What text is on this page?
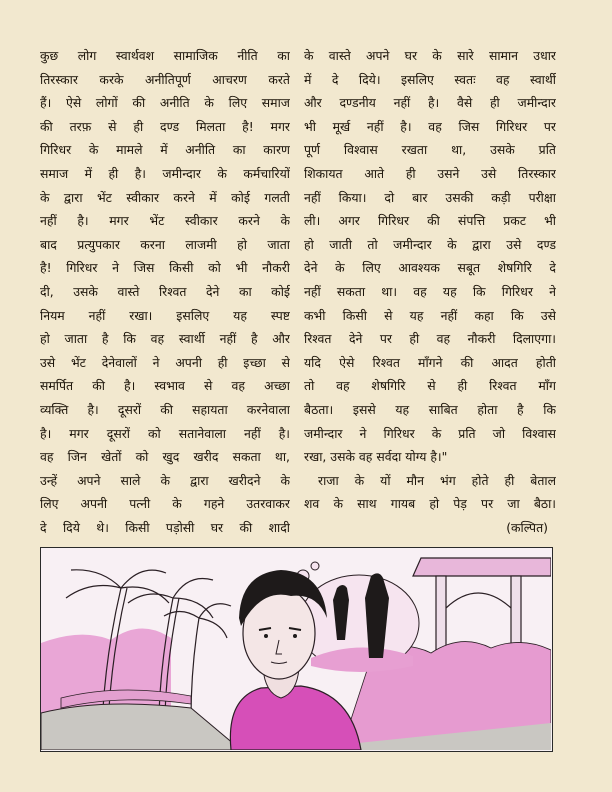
कुछ लोग स्वार्थवश सामाजिक नीति का
तिरस्कार करके अनीतिपूर्ण आचरण करते
हैं। ऐसे लोगों की अनीति के लिए समाज
की तरफ़ से ही दण्ड मिलता है! मगर
गिरिधर के मामले में अनीति का कारण
समाज में ही है। जमीन्दार के कर्मचारियों
के द्वारा भेंट स्वीकार करने में कोई गलती
नहीं है। मगर भेंट स्वीकार करने के
बाद प्रत्युपकार करना लाजमी हो जाता
है! गिरिधर ने जिस किसी को भी नौकरी
दी, उसके वास्ते रिश्वत देने का कोई
नियम नहीं रखा। इसलिए यह स्पष्ट
हो जाता है कि वह स्वार्थी नहीं है और
उसे भेंट देनेवालों ने अपनी ही इच्छा से
समर्पित की है। स्वभाव से वह अच्छा
व्यक्ति है। दूसरों की सहायता करनेवाला
है। मगर दूसरों को सतानेवाला नहीं है।
वह जिन खेतों को खुद खरीद सकता था,
उन्हें अपने साले के द्वारा खरीदने के
लिए अपनी पत्नी के गहने उतरवाकर
दे दिये थे। किसी पड़ोसी घर की शादी
के वास्ते अपने घर के सारे सामान उधार
में दे दिये। इसलिए स्वतः वह स्वार्थी
और दण्डनीय नहीं है। वैसे ही जमीन्दार
भी मूर्ख नहीं है। वह जिस गिरिधर पर
पूर्ण विश्वास रखता था, उसके प्रति
शिकायत आते ही उसने उसे तिरस्कार
नहीं किया। दो बार उसकी कड़ी परीक्षा
ली। अगर गिरिधर की संपत्ति प्रकट भी
हो जाती तो जमीन्दार के द्वारा उसे दण्ड
देने के लिए आवश्यक सबूत शेषगिरि दे
नहीं सकता था। वह यह कि गिरिधर ने
कभी किसी से यह नहीं कहा कि उसे
रिश्वत देने पर ही वह नौकरी दिलाएगा।
यदि ऐसे रिश्वत माँगने की आदत होती
तो वह शेषगिरि से ही रिश्वत माँग
बैठता। इससे यह साबित होता है कि
जमीन्दार ने गिरिधर के प्रति जो विश्वास
रखा, उसके वह सर्वदा योग्य है।"
राजा के यों मौन भंग होते ही बेताल
शव के साथ गायब हो पेड़ पर जा बैठा।
(कल्पित)
